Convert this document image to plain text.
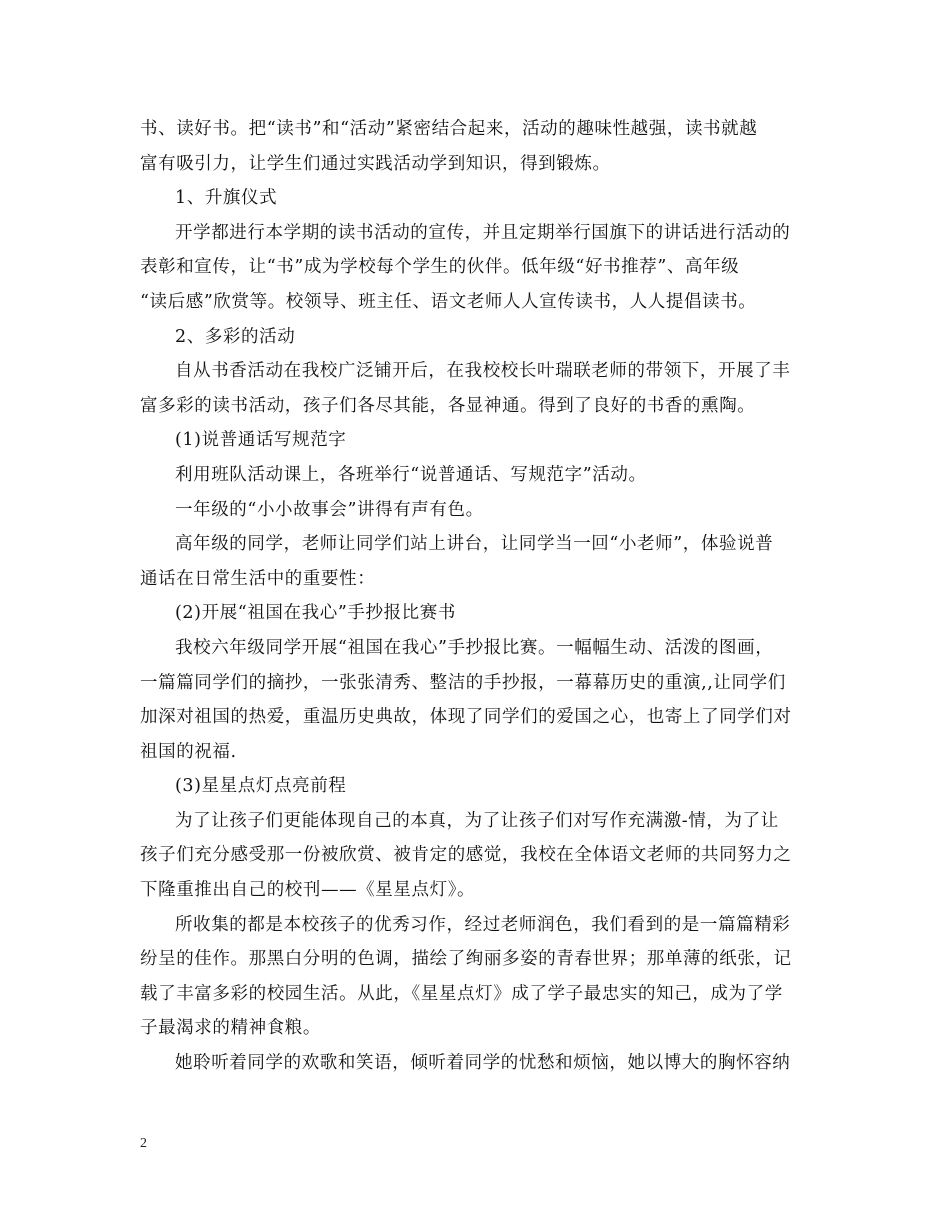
书、读好书。把“读书”和“活动”紧密结合起来，活动的趣味性越强，读书就越
富有吸引力，让学生们通过实践活动学到知识，得到锻炼。
1、升旗仪式
开学都进行本学期的读书活动的宣传，并且定期举行国旗下的讲话进行活动的
表彰和宣传，让“书”成为学校每个学生的伙伴。低年级“好书推荐”、高年级
“读后感”欣赏等。校领导、班主任、语文老师人人宣传读书，人人提倡读书。
2、多彩的活动
自从书香活动在我校广泛铺开后，在我校校长叶瑞联老师的带领下，开展了丰
富多彩的读书活动，孩子们各尽其能，各显神通。得到了良好的书香的熏陶。
(1)说普通话写规范字
利用班队活动课上，各班举行“说普通话、写规范字”活动。
一年级的“小小故事会”讲得有声有色。
高年级的同学，老师让同学们站上讲台，让同学当一回“小老师”，体验说普
通话在日常生活中的重要性：
(2)开展“祖国在我心”手抄报比赛书
我校六年级同学开展“祖国在我心”手抄报比赛。一幅幅生动、活泼的图画，
一篇篇同学们的摘抄，一张张清秀、整洁的手抄报，一幕幕历史的重演,,让同学们
加深对祖国的热爱，重温历史典故，体现了同学们的爱国之心，也寄上了同学们对
祖国的祝福.
(3)星星点灯点亮前程
为了让孩子们更能体现自己的本真，为了让孩子们对写作充满激-情，为了让
孩子们充分感受那一份被欣赏、被肯定的感觉，我校在全体语文老师的共同努力之
下隆重推出自己的校刊——《星星点灯》。
所收集的都是本校孩子的优秀习作，经过老师润色，我们看到的是一篇篇精彩
纷呈的佳作。那黑白分明的色调，描绘了绚丽多姿的青春世界；那单薄的纸张，记
载了丰富多彩的校园生活。从此，《星星点灯》成了学子最忠实的知己，成为了学
子最渴求的精神食粮。
她聆听着同学的欢歌和笑语，倾听着同学的忧愁和烦恼，她以博大的胸怀容纳
2
